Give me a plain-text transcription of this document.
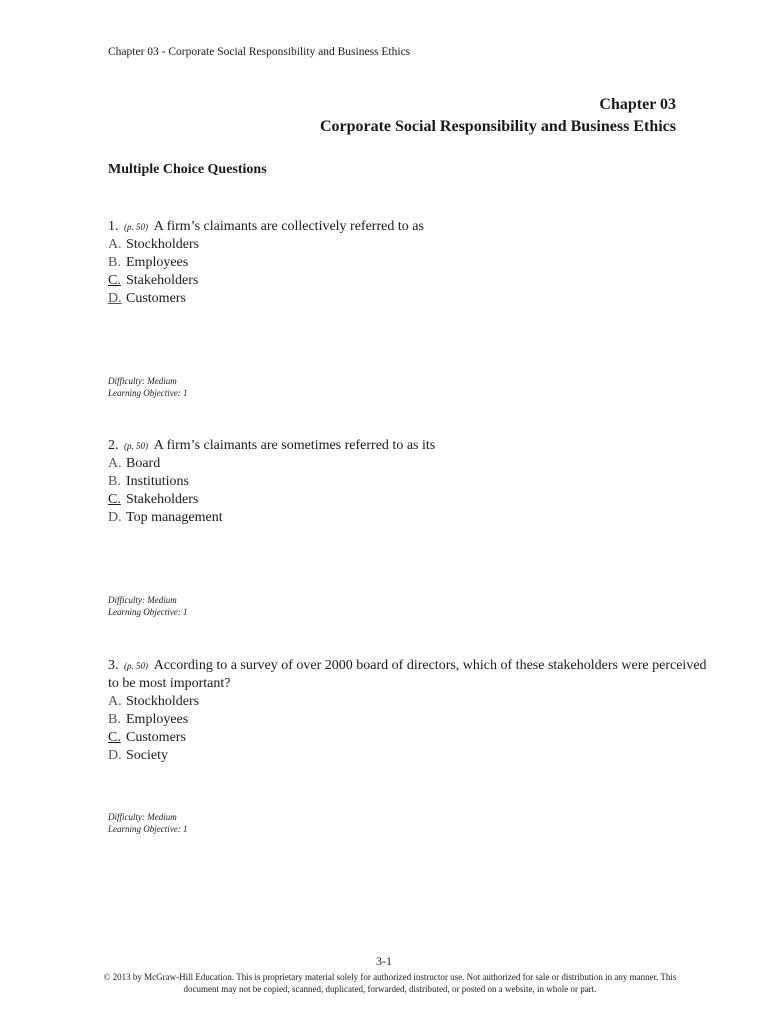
Chapter 03 - Corporate Social Responsibility and Business Ethics
Chapter 03
Corporate Social Responsibility and Business Ethics
Multiple Choice Questions
1. (p. 50) A firm’s claimants are collectively referred to as
A. Stockholders
B. Employees
C. Stakeholders
D. Customers
Difficulty: Medium
Learning Objective: 1
2. (p. 50) A firm’s claimants are sometimes referred to as its
A. Board
B. Institutions
C. Stakeholders
D. Top management
Difficulty: Medium
Learning Objective: 1
3. (p. 50) According to a survey of over 2000 board of directors, which of these stakeholders were perceived to be most important?
A. Stockholders
B. Employees
C. Customers
D. Society
Difficulty: Medium
Learning Objective: 1
3-1
© 2013 by McGraw-Hill Education. This is proprietary material solely for authorized instructor use. Not authorized for sale or distribution in any manner. This document may not be copied, scanned, duplicated, forwarded, distributed, or posted on a website, in whole or part.
